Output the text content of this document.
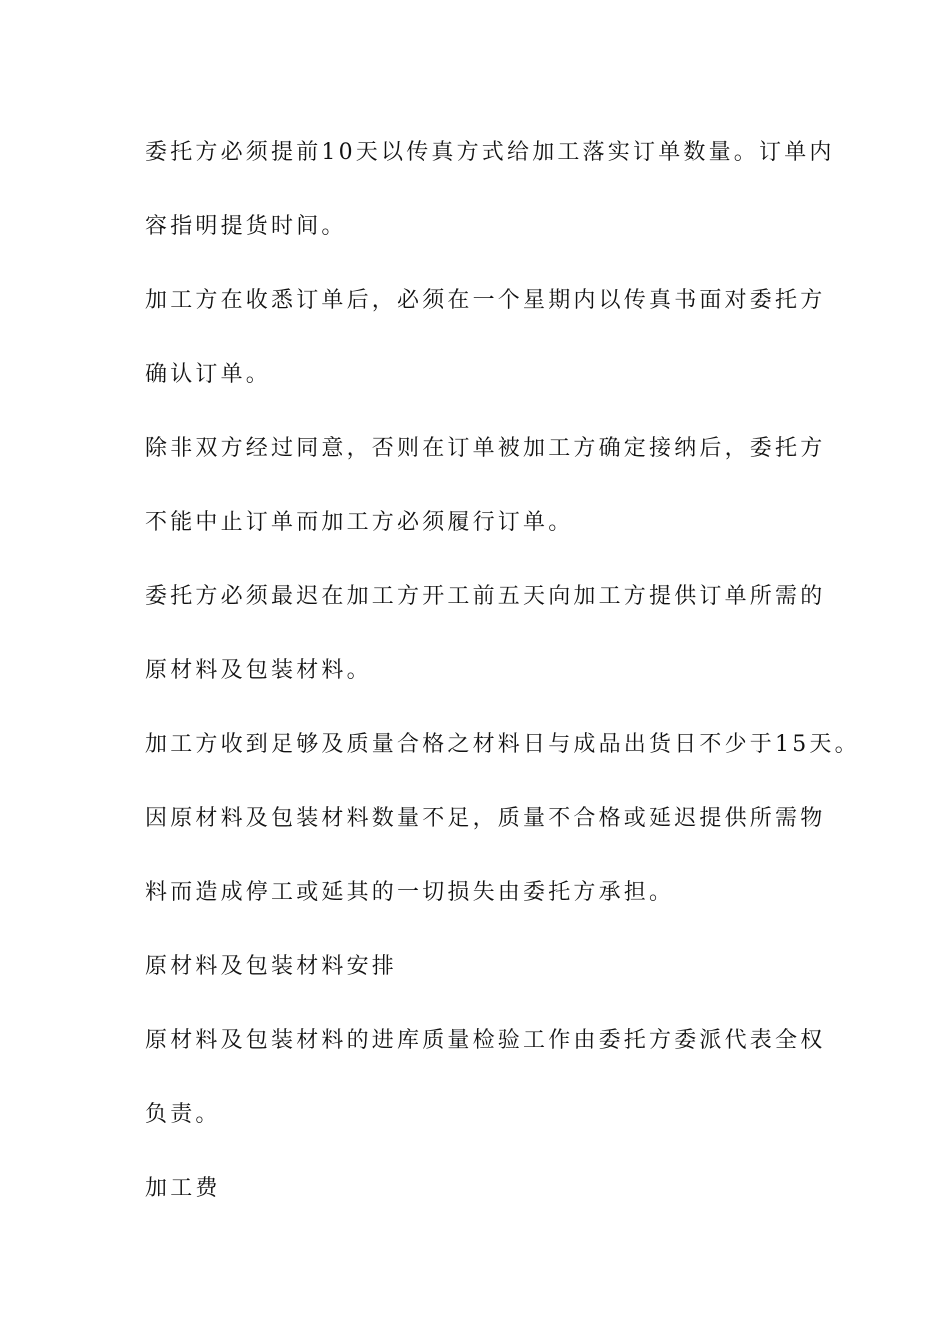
委托方必须提前10天以传真方式给加工落实订单数量。订单内
容指明提货时间。
加工方在收悉订单后，必须在一个星期内以传真书面对委托方
确认订单。
除非双方经过同意，否则在订单被加工方确定接纳后，委托方
不能中止订单而加工方必须履行订单。
委托方必须最迟在加工方开工前五天向加工方提供订单所需的
原材料及包装材料。
加工方收到足够及质量合格之材料日与成品出货日不少于15天。
因原材料及包装材料数量不足，质量不合格或延迟提供所需物
料而造成停工或延其的一切损失由委托方承担。
原材料及包装材料安排
原材料及包装材料的进库质量检验工作由委托方委派代表全权
负责。
加工费
